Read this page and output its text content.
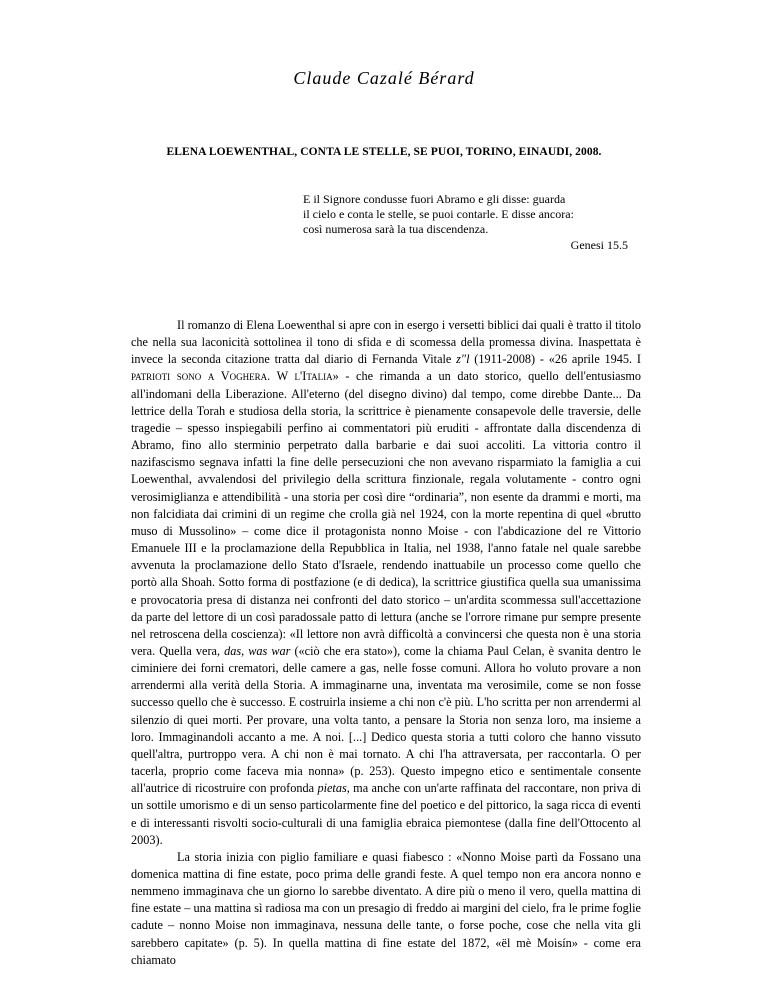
Claude Cazalé Bérard
ELENA LOEWENTHAL, CONTA LE STELLE, SE PUOI, TORINO, EINAUDI, 2008.
E il Signore condusse fuori Abramo e gli disse: guarda
il cielo e conta le stelle, se puoi contarle. E disse ancora:
così numerosa sarà la tua discendenza.
Genesi 15.5

Il romanzo di Elena Loewenthal si apre con in esergo i versetti biblici dai quali è tratto il titolo che nella sua laconicità sottolinea il tono di sfida e di scomessa della promessa divina. Inaspettata è invece la seconda citazione tratta dal diario di Fernanda Vitale z"l (1911-2008) - «26 aprile 1945. I patrioti sono a Voghera. W l'Italia» - che rimanda a un dato storico, quello dell'entusiasmo all'indomani della Liberazione. All'eterno (del disegno divino) dal tempo, come direbbe Dante... Da lettrice della Torah e studiosa della storia, la scrittrice è pienamente consapevole delle traversie, delle tragedie – spesso inspiegabili perfino ai commentatori più eruditi - affrontate dalla discendenza di Abramo, fino allo sterminio perpetrato dalla barbarie e dai suoi accoliti. La vittoria contro il nazifascismo segnava infatti la fine delle persecuzioni che non avevano risparmiato la famiglia a cui Loewenthal, avvalendosi del privilegio della scrittura finzionale, regala volutamente - contro ogni verosimiglianza e attendibilità - una storia per così dire “ordinaria”, non esente da drammi e morti, ma non falcidiata dai crimini di un regime che crolla già nel 1924, con la morte repentina di quel «brutto muso di Mussolino» – come dice il protagonista nonno Moise - con l'abdicazione del re Vittorio Emanuele III e la proclamazione della Repubblica in Italia, nel 1938, l'anno fatale nel quale sarebbe avvenuta la proclamazione dello Stato d'Israele, rendendo inattuabile un processo come quello che portò alla Shoah. Sotto forma di postfazione (e di dedica), la scrittrice giustifica quella sua umanissima e provocatoria presa di distanza nei confronti del dato storico – un'ardita scommessa sull'accettazione da parte del lettore di un così paradossale patto di lettura (anche se l'orrore rimane pur sempre presente nel retroscena della coscienza): «Il lettore non avrà difficoltà a convincersi che questa non è una storia vera. Quella vera, das, was war («ciò che era stato»), come la chiama Paul Celan, è svanita dentro le ciminiere dei forni crematori, delle camere a gas, nelle fosse comuni. Allora ho voluto provare a non arrendermi alla verità della Storia. A immaginarne una, inventata ma verosimile, come se non fosse successo quello che è successo. E costruirla insieme a chi non c'è più. L'ho scritta per non arrendermi al silenzio di quei morti. Per provare, una volta tanto, a pensare la Storia non senza loro, ma insieme a loro. Immaginandoli accanto a me. A noi. [...] Dedico questa storia a tutti coloro che hanno vissuto quell'altra, purtroppo vera. A chi non è mai tornato. A chi l'ha attraversata, per raccontarla. O per tacerla, proprio come faceva mia nonna» (p. 253). Questo impegno etico e sentimentale consente all'autrice di ricostruire con profonda pietas, ma anche con un'arte raffinata del raccontare, non priva di un sottile umorismo e di un senso particolarmente fine del poetico e del pittorico, la saga ricca di eventi e di interessanti risvolti socio-culturali di una famiglia ebraica piemontese (dalla fine dell'Ottocento al 2003).

La storia inizia con piglio familiare e quasi fiabesco : «Nonno Moise partì da Fossano una domenica mattina di fine estate, poco prima delle grandi feste. A quel tempo non era ancora nonno e nemmeno immaginava che un giorno lo sarebbe diventato. A dire più o meno il vero, quella mattina di fine estate – una mattina sì radiosa ma con un presagio di freddo ai margini del cielo, fra le prime foglie cadute – nonno Moise non immaginava, nessuna delle tante, o forse poche, cose che nella vita gli sarebbero capitate» (p. 5). In quella mattina di fine estate del 1872, «ël mè Moisín» - come era chiamato
